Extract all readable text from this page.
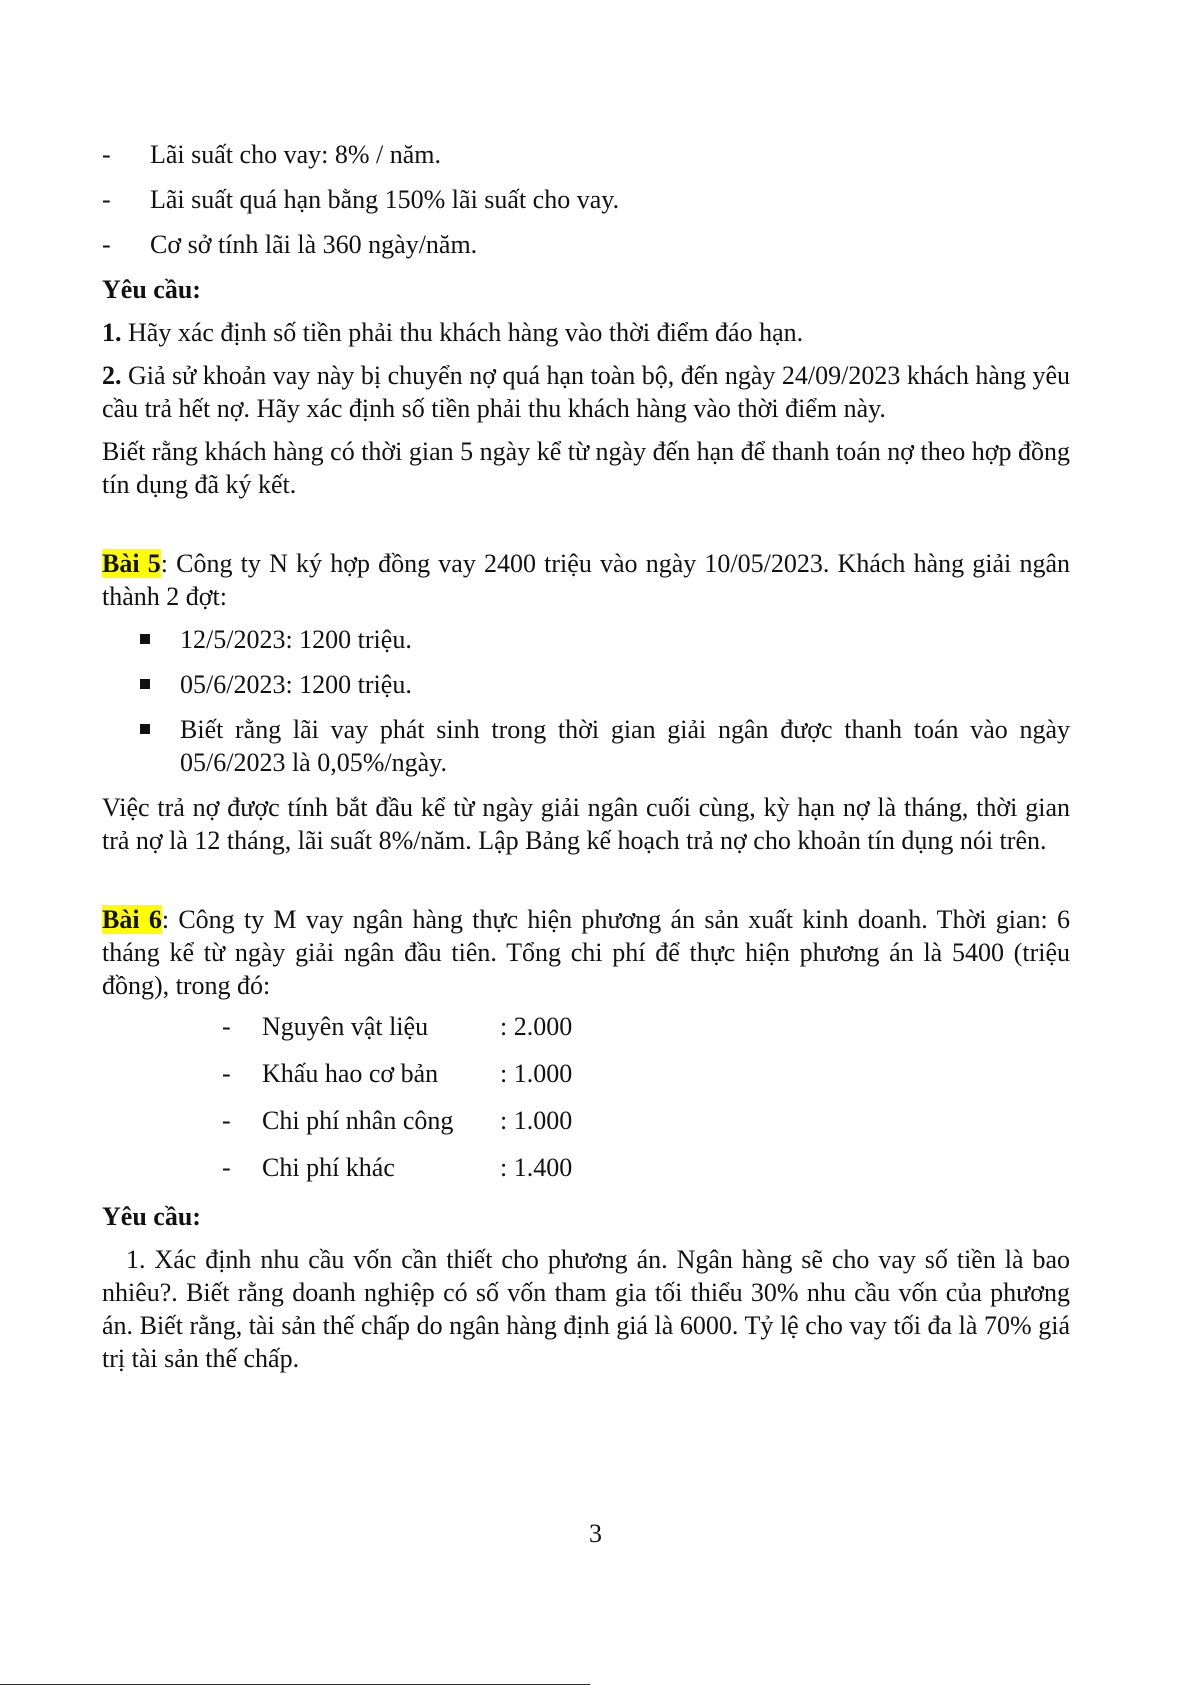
- Lãi suất cho vay: 8% / năm.
- Lãi suất quá hạn bằng 150% lãi suất cho vay.
- Cơ sở tính lãi là 360 ngày/năm.

Yêu cầu:

1. Hãy xác định số tiền phải thu khách hàng vào thời điểm đáo hạn.

2. Giả sử khoản vay này bị chuyển nợ quá hạn toàn bộ, đến ngày 24/09/2023 khách hàng yêu cầu trả hết nợ. Hãy xác định số tiền phải thu khách hàng vào thời điểm này.

Biết rằng khách hàng có thời gian 5 ngày kể từ ngày đến hạn để thanh toán nợ theo hợp đồng tín dụng đã ký kết.

Bài 5: Công ty N ký hợp đồng vay 2400 triệu vào ngày 10/05/2023. Khách hàng giải ngân thành 2 đợt:

12/5/2023: 1200 triệu.
05/6/2023: 1200 triệu.
Biết rằng lãi vay phát sinh trong thời gian giải ngân được thanh toán vào ngày 05/6/2023 là 0,05%/ngày.

Việc trả nợ được tính bắt đầu kể từ ngày giải ngân cuối cùng, kỳ hạn nợ là tháng, thời gian trả nợ là 12 tháng, lãi suất 8%/năm. Lập Bảng kế hoạch trả nợ cho khoản tín dụng nói trên.

Bài 6: Công ty M vay ngân hàng thực hiện phương án sản xuất kinh doanh. Thời gian: 6 tháng kể từ ngày giải ngân đầu tiên. Tổng chi phí để thực hiện phương án là 5400 (triệu đồng), trong đó:

- Nguyên vật liệu	: 2.000
- Khấu hao cơ bản : 1.000
- Chi phí nhân công : 1.000
- Chi phí khác	: 1.400

Yêu cầu:

1. Xác định nhu cầu vốn cần thiết cho phương án. Ngân hàng sẽ cho vay số tiền là bao nhiêu?. Biết rằng doanh nghiệp có số vốn tham gia tối thiểu 30% nhu cầu vốn của phương án. Biết rằng, tài sản thế chấp do ngân hàng định giá là 6000. Tỷ lệ cho vay tối đa là 70% giá trị tài sản thế chấp.

3
